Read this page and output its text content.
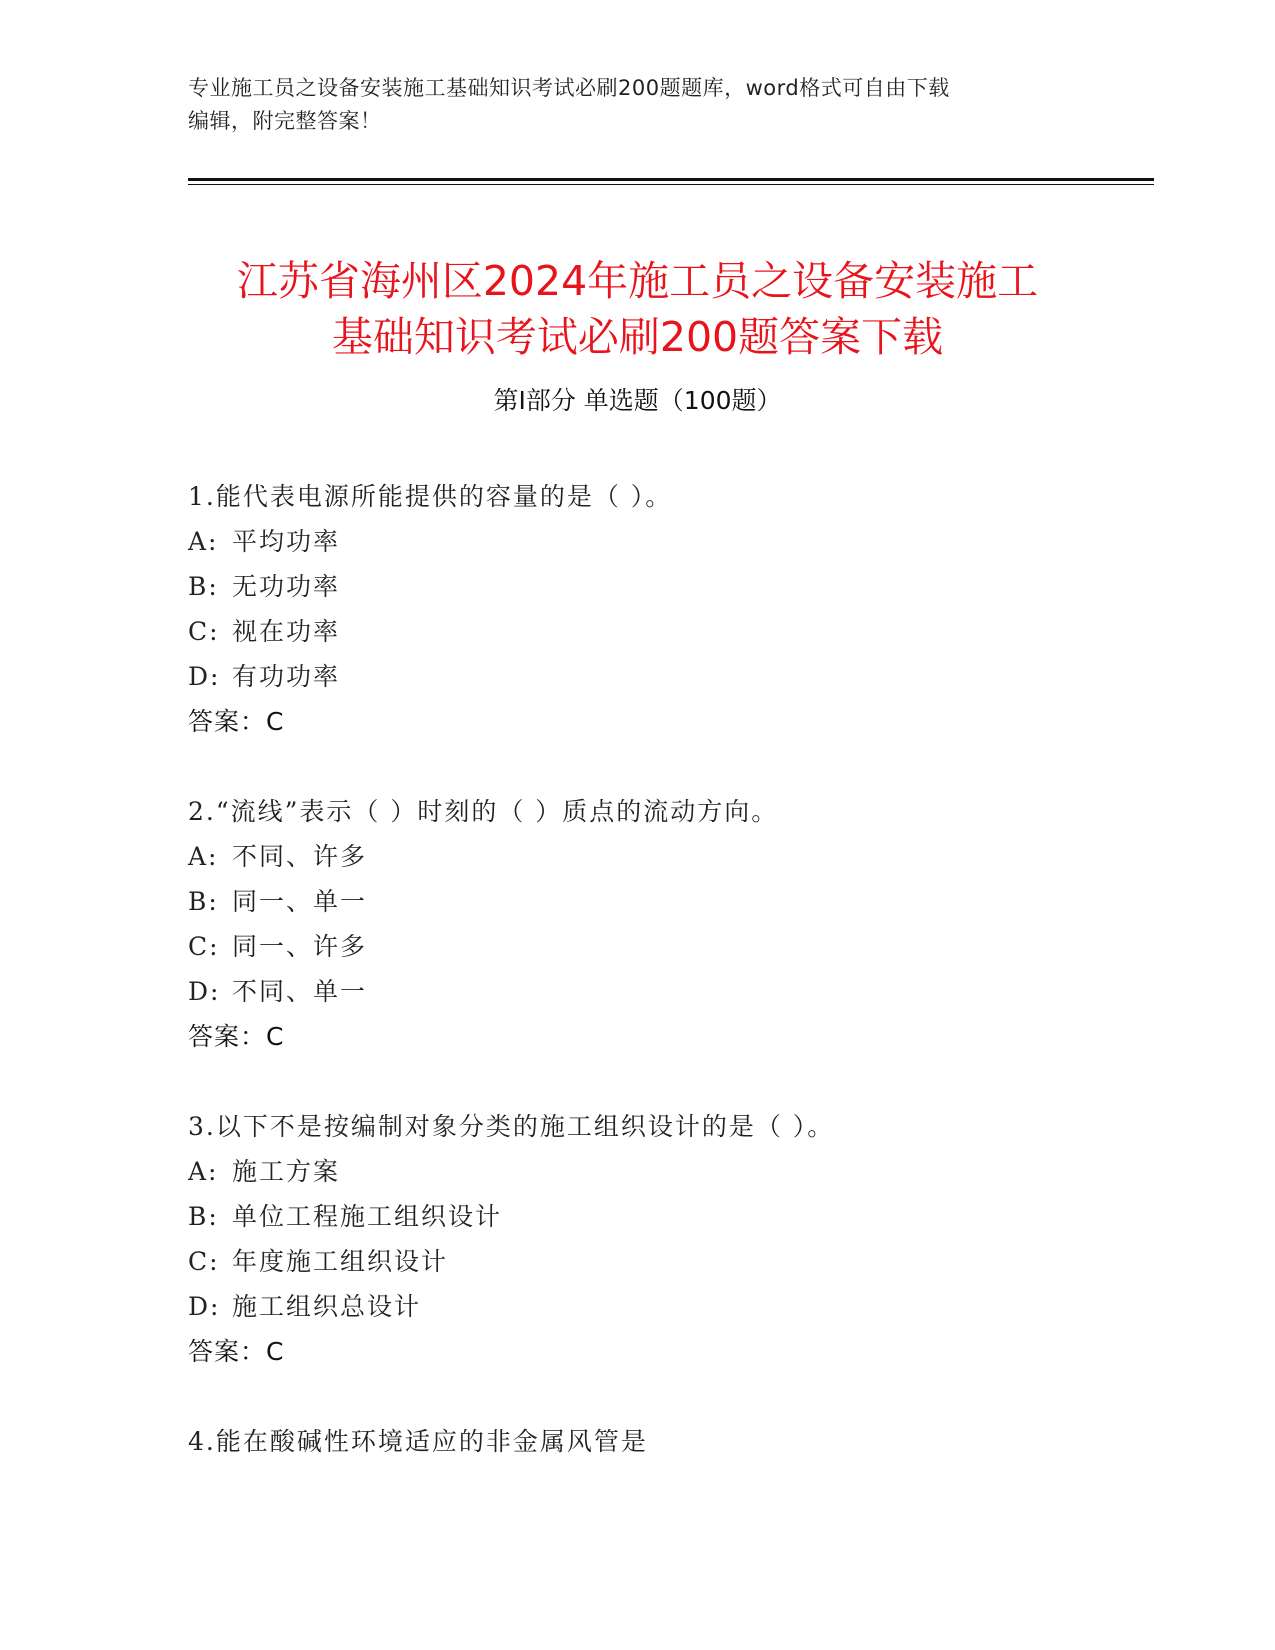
专业施工员之设备安装施工基础知识考试必刷200题题库，word格式可自由下载
编辑，附完整答案！
江苏省海州区2024年施工员之设备安装施工
基础知识考试必刷200题答案下载
第Ⅰ部分 单选题（100题）
1.能代表电源所能提供的容量的是（ ）。
A: 平均功率
B: 无功功率
C: 视在功率
D: 有功功率
答案：C
2.“流线”表示（ ）时刻的（ ）质点的流动方向。
A: 不同、许多
B: 同一、单一
C: 同一、许多
D: 不同、单一
答案：C
3.以下不是按编制对象分类的施工组织设计的是（ ）。
A: 施工方案
B: 单位工程施工组织设计
C: 年度施工组织设计
D: 施工组织总设计
答案：C
4.能在酸碱性环境适应的非金属风管是
